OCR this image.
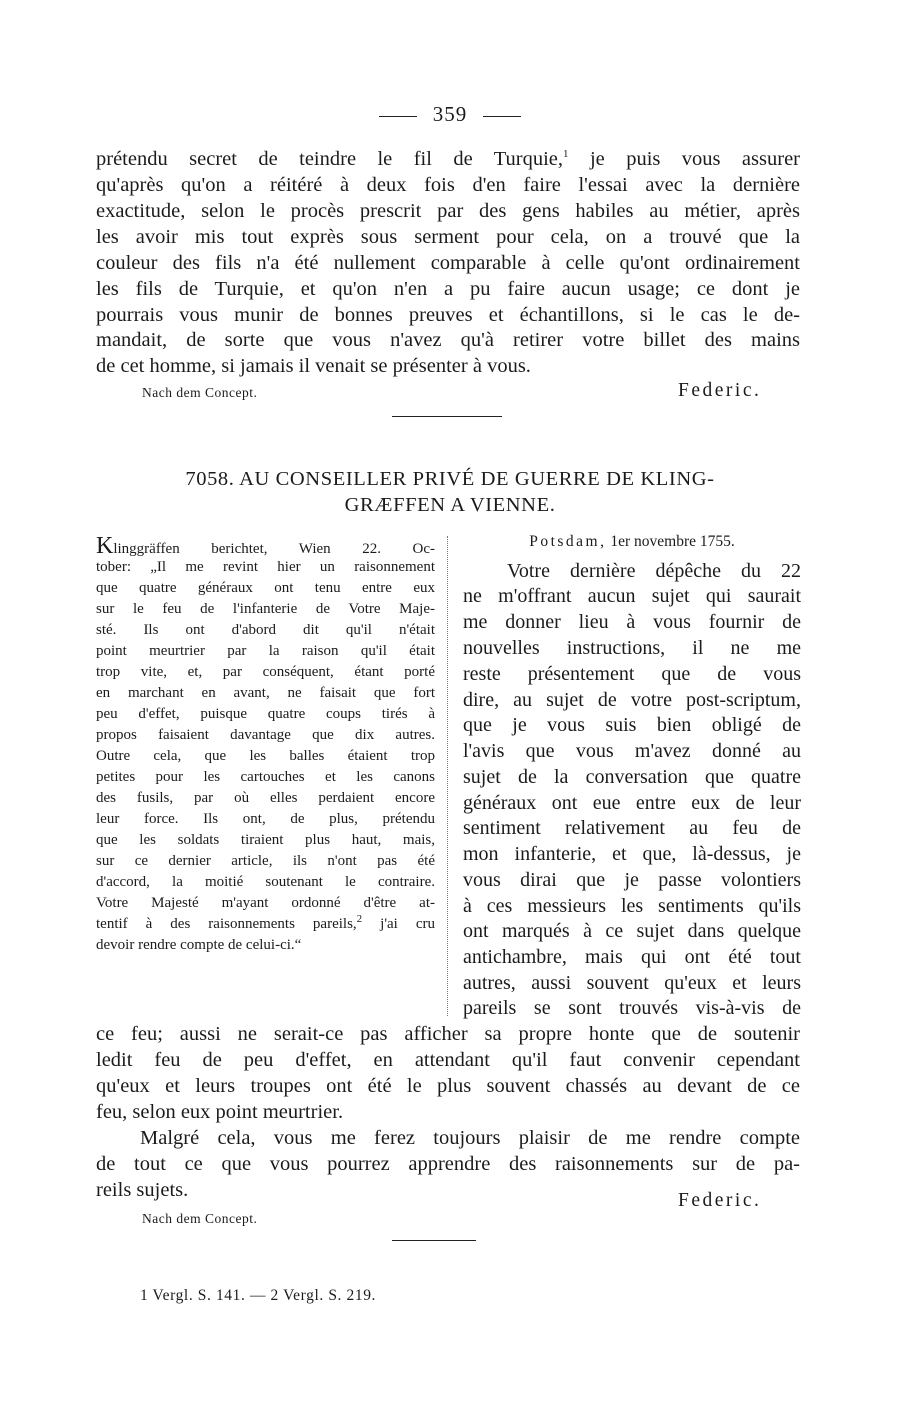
359
prétendu secret de teindre le fil de Turquie,$^1$ je puis vous assurer
qu'après qu'on a réitéré à deux fois d'en faire l'essai avec la dernière
exactitude, selon le procès prescrit par des gens habiles au métier, après
les avoir mis tout exprès sous serment pour cela, on a trouvé que la
couleur des fils n'a été nullement comparable à celle qu'ont ordinairement
les fils de Turquie, et qu'on n'en a pu faire aucun usage; ce dont je
pourrais vous munir de bonnes preuves et échantillons, si le cas le de-
mandait, de sorte que vous n'avez qu'à retirer votre billet des mains
de cet homme, si jamais il venait se présenter à vous.
Nach dem Concept.	Federic.
7058. AU CONSEILLER PRIVÉ DE GUERRE DE KLING-
GRÆFFEN A VIENNE.
Klinggräffen berichtet, Wien 22. Oc-
tober: „Il me revint hier un raisonnement
que quatre généraux ont tenu entre eux
sur le feu de l'infanterie de Votre Maje-
sté. Ils ont d'abord dit qu'il n'était
point meurtrier par la raison qu'il était
trop vite, et, par conséquent, étant porté
en marchant en avant, ne faisait que fort
peu d'effet, puisque quatre coups tirés à
propos faisaient davantage que dix autres.
Outre cela, que les balles étaient trop
petites pour les cartouches et les canons
des fusils, par où elles perdaient encore
leur force. Ils ont, de plus, prétendu
que les soldats tiraient plus haut, mais,
sur ce dernier article, ils n'ont pas été
d'accord, la moitié soutenant le contraire.
Votre Majesté m'ayant ordonné d'être at-
tentif à des raisonnements pareils,$^2$ j'ai cru
devoir rendre compte de celui-ci.“
Potsdam, 1er novembre 1755.
Votre dernière dépêche du 22
ne m'offrant aucun sujet qui saurait
me donner lieu à vous fournir de
nouvelles instructions, il ne me
reste présentement que de vous
dire, au sujet de votre post-scriptum,
que je vous suis bien obligé de
l'avis que vous m'avez donné au
sujet de la conversation que quatre
généraux ont eue entre eux de leur
sentiment relativement au feu de
mon infanterie, et que, là-dessus, je
vous dirai que je passe volontiers
à ces messieurs les sentiments qu'ils
ont marqués à ce sujet dans quelque
antichambre, mais qui ont été tout
autres, aussi souvent qu'eux et leurs
pareils se sont trouvés vis-à-vis de
ce feu; aussi ne serait-ce pas afficher sa propre honte que de soutenir
ledit feu de peu d'effet, en attendant qu'il faut convenir cependant
qu'eux et leurs troupes ont été le plus souvent chassés au devant de ce
feu, selon eux point meurtrier.
Malgré cela, vous me ferez toujours plaisir de me rendre compte
de tout ce que vous pourrez apprendre des raisonnements sur de pa-
reils sujets.	Federic.
Nach dem Concept.
1 Vergl. S. 141. — 2 Vergl. S. 219.
